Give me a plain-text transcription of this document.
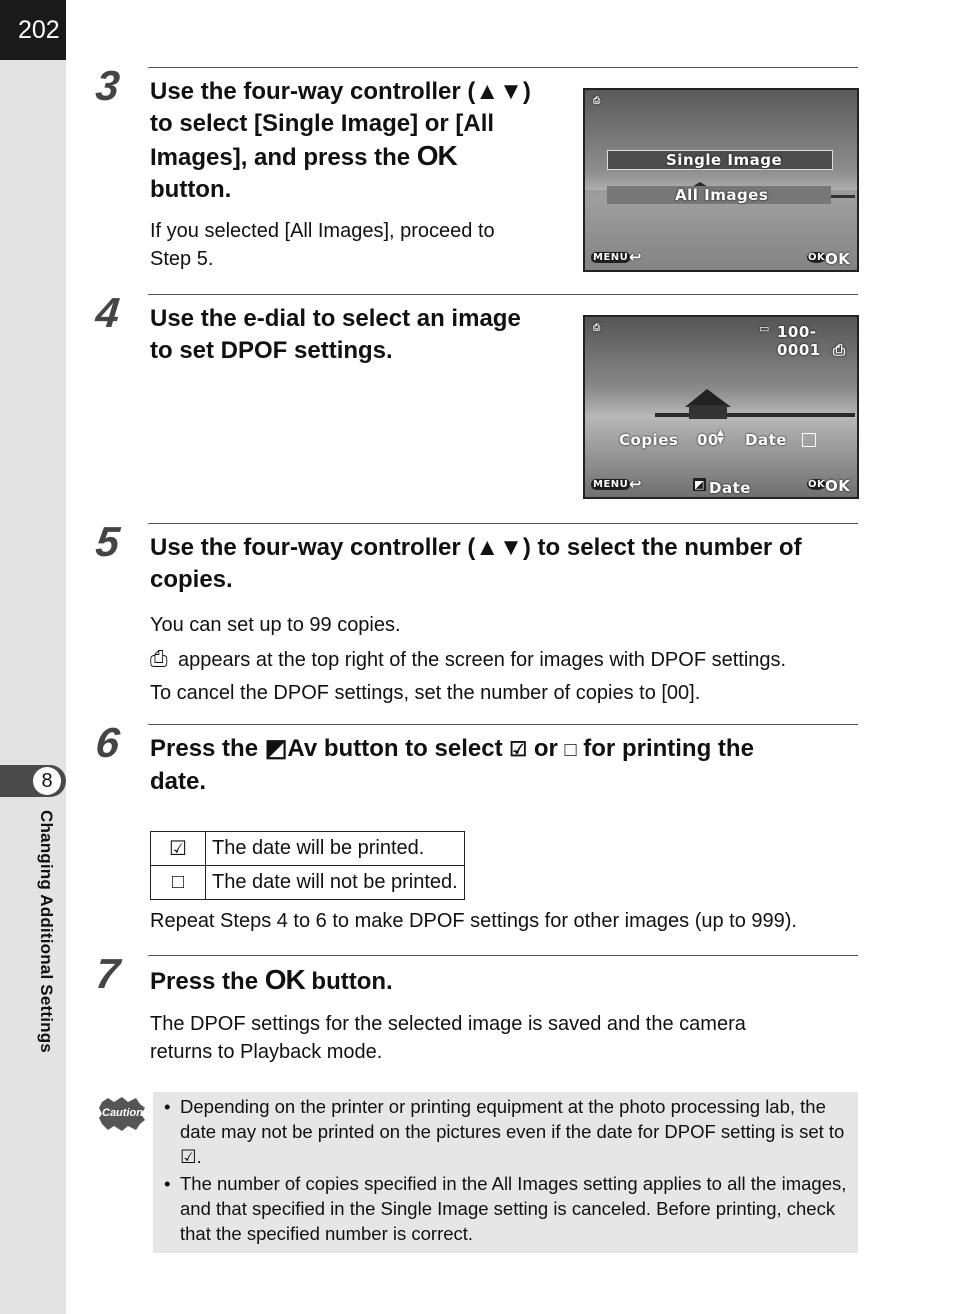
202
8
Changing Additional Settings
3 Use the four-way controller (▲▼)
to select [Single Image] or [All
Images], and press the OK
button.
If you selected [All Images], proceed to
Step 5.
⎙
Single Image
All Images
MENU ↩	OK OK
4 Use the e-dial to select an image
to set DPOF settings.
⎙	▭ 100-0001 ⎙
Copies 00
▲
▼ Date
MENU ↩	◩ Date	OK OK
5 Use the four-way controller (▲▼) to select the number of
copies.
You can set up to 99 copies.
⎙ appears at the top right of the screen for images with DPOF settings.
To cancel the DPOF settings, set the number of copies to [00].
6 Press the ◩Av button to select ☑ or □ for printing the
date.
☑	The date will be printed.
□	The date will not be printed.
Repeat Steps 4 to 6 to make DPOF settings for other images (up to 999).
7 Press the OK button.
The DPOF settings for the selected image is saved and the camera
returns to Playback mode.
Caution	• Depending on the printer or printing equipment at the photo processing lab, the date may not be printed on the pictures even if the date for DPOF setting is set to ☑.
• The number of copies specified in the All Images setting applies to all the images, and that specified in the Single Image setting is canceled. Before printing, check that the specified number is correct.
